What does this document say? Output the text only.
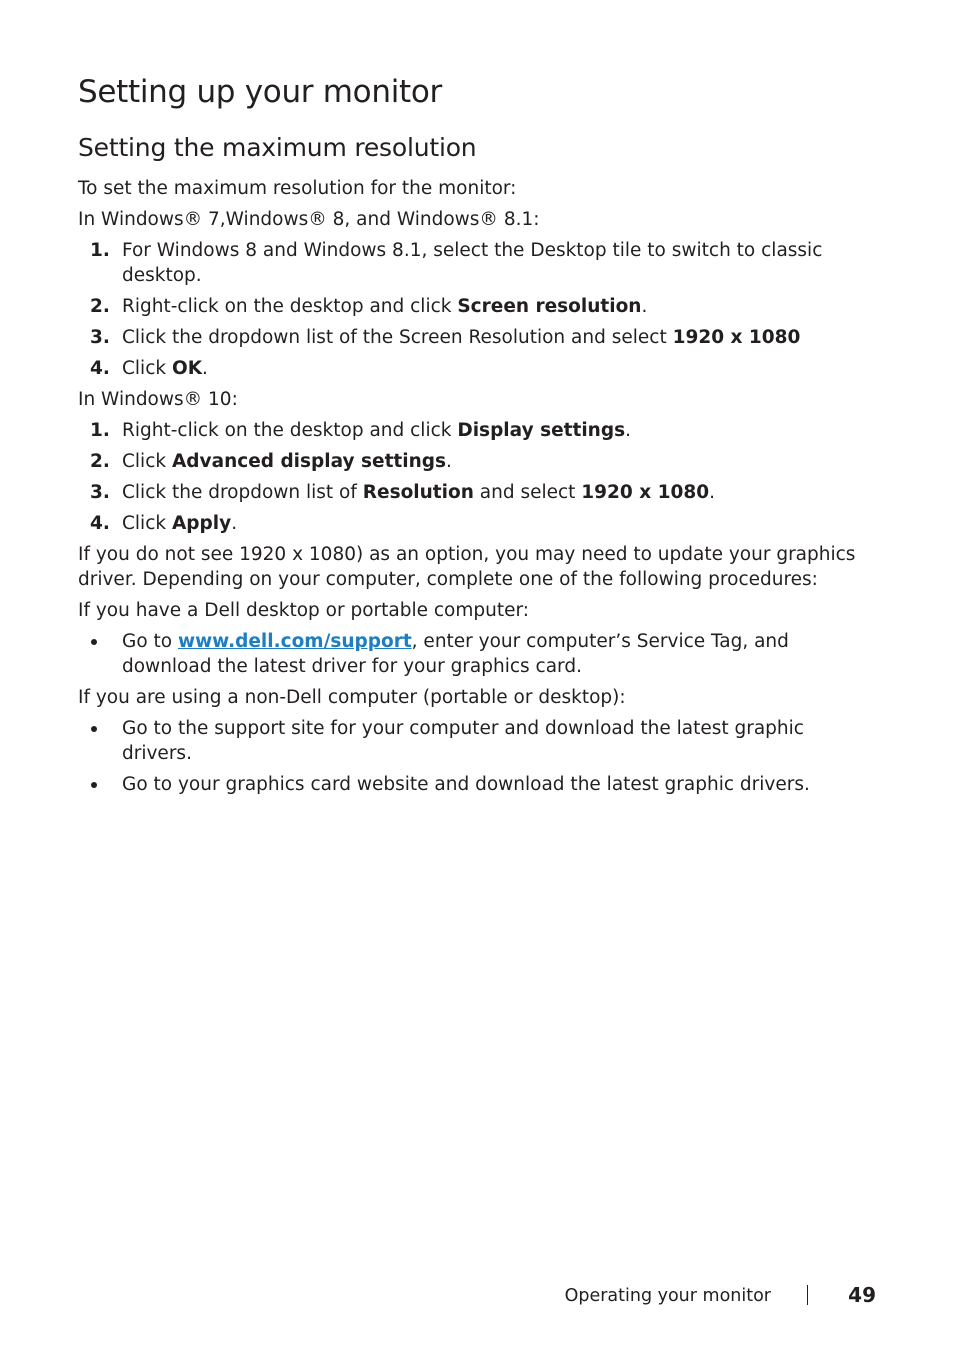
Setting up your monitor
Setting the maximum resolution

To set the maximum resolution for the monitor:

In Windows® 7,Windows® 8, and Windows® 8.1:

1. For Windows 8 and Windows 8.1, select the Desktop tile to switch to classic desktop.
2. Right-click on the desktop and click Screen resolution.
3. Click the dropdown list of the Screen Resolution and select 1920 x 1080
4. Click OK.

In Windows® 10:

1. Right-click on the desktop and click Display settings.
2. Click Advanced display settings.
3. Click the dropdown list of Resolution and select 1920 x 1080.
4. Click Apply.

If you do not see 1920 x 1080) as an option, you may need to update your graphics driver. Depending on your computer, complete one of the following procedures:

If you have a Dell desktop or portable computer:

Go to www.dell.com/support, enter your computer’s Service Tag, and download the latest driver for your graphics card.

If you are using a non-Dell computer (portable or desktop):

Go to the support site for your computer and download the latest graphic drivers.
Go to your graphics card website and download the latest graphic drivers.
Operating your monitor	49
